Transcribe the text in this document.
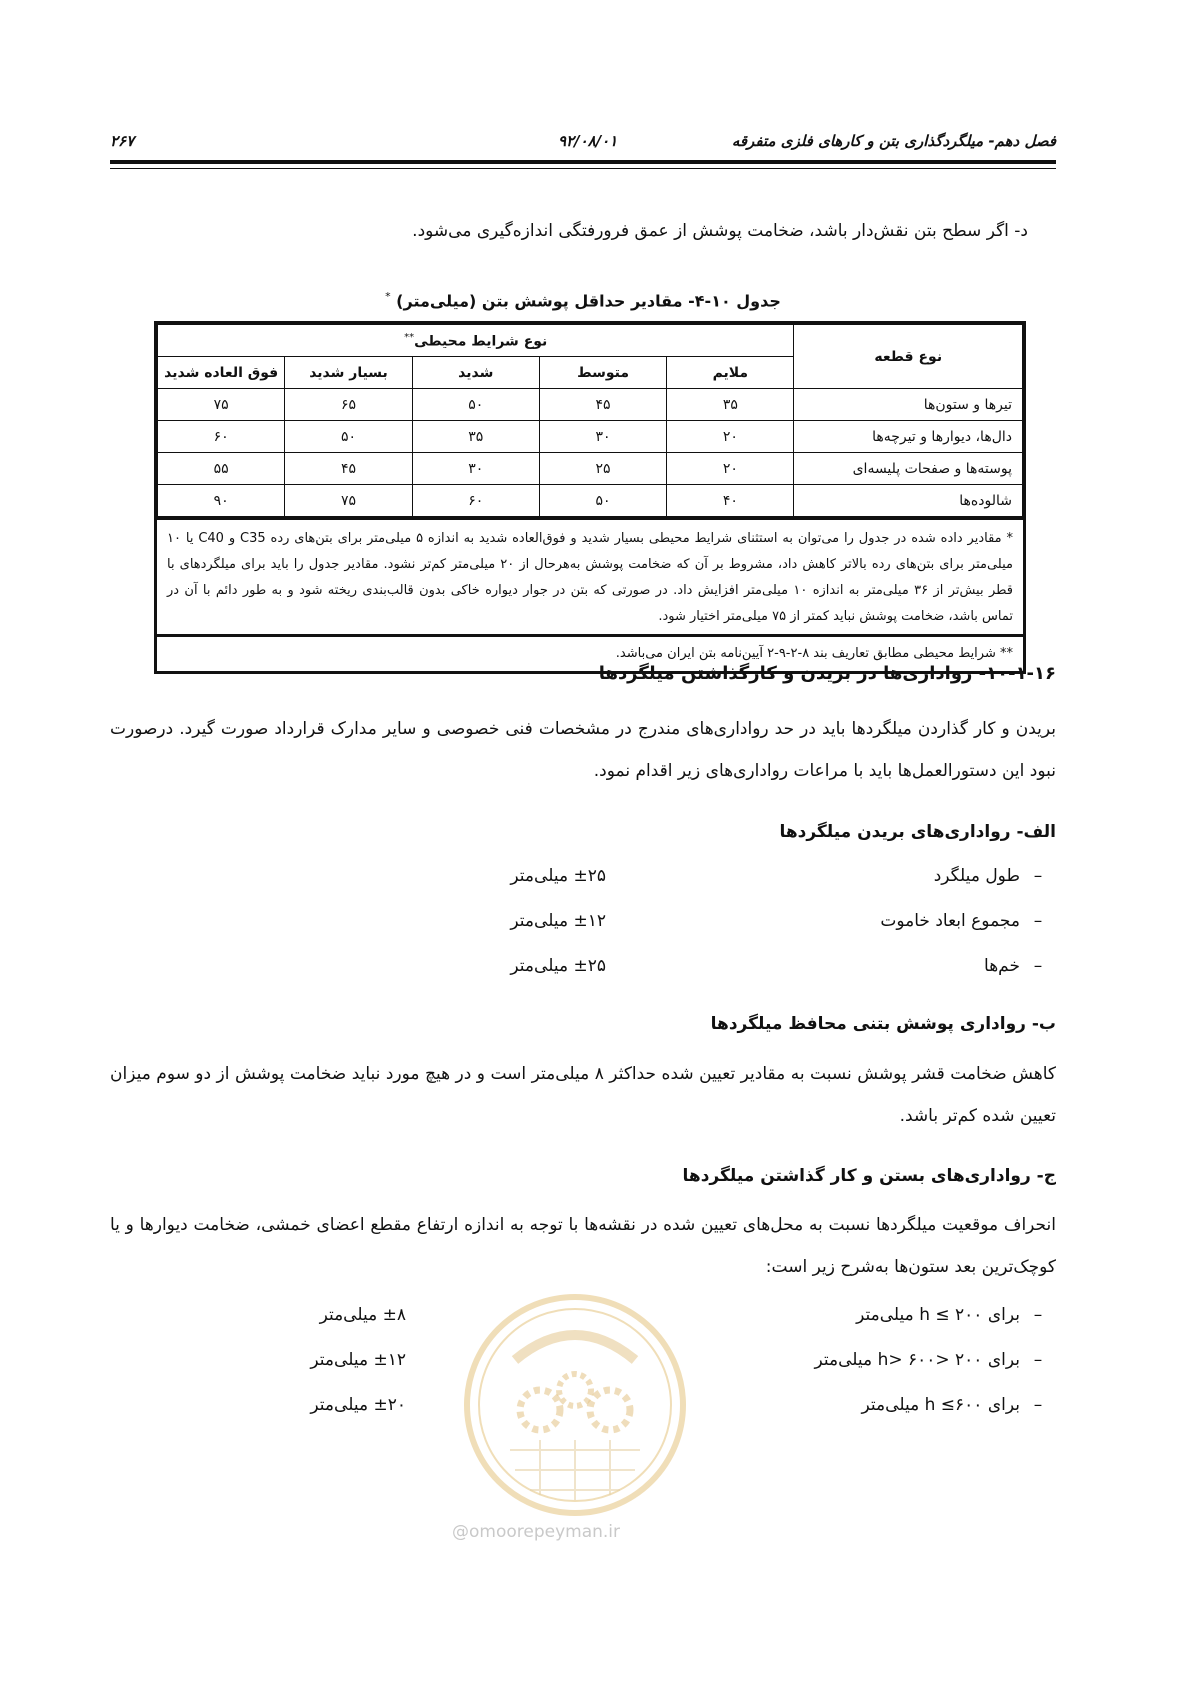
۲۶۷	۹۲/۰۸/۰۱	فصل دهم- میلگردگذاری بتن و کارهای فلزی متفرقه
د- اگر سطح بتن نقش‌دار باشد، ضخامت پوشش از عمق فرورفتگی اندازه‌گیری می‌شود.
جدول ۱۰-۴- مقادیر حداقل پوشش بتن (میلی‌متر) *
نوع قطعه	نوع شرایط محیطی**
	ملایم	متوسط	شدید	بسیار شدید	فوق العاده شدید
تیرها و ستون‌ها	۳۵	۴۵	۵۰	۶۵	۷۵
دال‌ها، دیوارها و تیرچه‌ها	۲۰	۳۰	۳۵	۵۰	۶۰
پوسته‌ها و صفحات پلیسه‌ای	۲۰	۲۵	۳۰	۴۵	۵۵
شالوده‌ها	۴۰	۵۰	۶۰	۷۵	۹۰

* مقادیر داده شده در جدول را می‌توان به استثنای شرایط محیطی بسیار شدید و فوق‌العاده شدید به اندازه ۵ میلی‌متر برای بتن‌های رده C35 و C40 یا ۱۰ میلی‌متر برای بتن‌های رده بالاتر کاهش داد، مشروط بر آن که ضخامت پوشش به‌هرحال از ۲۰ میلی‌متر کم‌تر نشود. مقادیر جدول را باید برای میلگردهای با قطر بیش‌تر از ۳۶ میلی‌متر به اندازه ۱۰ میلی‌متر افزایش داد. در صورتی که بتن در جوار دیواره خاکی بدون قالب‌بندی ریخته شود و به طور دائم با آن در تماس باشد، ضخامت پوشش نباید کمتر از ۷۵ میلی‌متر اختیار شود.

** شرایط محیطی مطابق تعاریف بند ۸-۲-۹-۲ آیین‌نامه بتن ایران می‌باشد.
۱۰-۱-۱۶- رواداری‌ها در بریدن و کارگذاشتن میلگردها
بریدن و کار گذاردن میلگردها باید در حد رواداری‌های مندرج در مشخصات فنی خصوصی و سایر مدارک قرارداد صورت گیرد. درصورت نبود این دستورالعمل‌ها باید با مراعات رواداری‌های زیر اقدام نمود.
الف- رواداری‌های بریدن میلگردها
–طول میلگرد
±۲۵ میلی‌متر
–مجموع ابعاد خاموت
±۱۲ میلی‌متر
–خم‌ها
±۲۵ میلی‌متر
ب- رواداری پوشش بتنی محافظ میلگردها
کاهش ضخامت قشر پوشش نسبت به مقادیر تعیین شده حداکثر ۸ میلی‌متر است و در هیچ مورد نباید ضخامت پوشش از دو سوم میزان تعیین شده کم‌تر باشد.
ج- رواداری‌های بستن و کار گذاشتن میلگردها
انحراف موقعیت میلگردها نسبت به محل‌های تعیین شده در نقشه‌ها با توجه به اندازه ارتفاع مقطع اعضای خمشی، ضخامت دیوارها و یا کوچک‌ترین بعد ستون‌ها به‌شرح زیر است:
–برای ۲۰۰ ≥ h میلی‌متر
±۸ میلی‌متر
–برای ۲۰۰ <h> ۶۰۰ میلی‌متر
±۱۲ میلی‌متر
–برای ۶۰۰≥ h میلی‌متر
±۲۰ میلی‌متر
@omoorepeyman.ir
